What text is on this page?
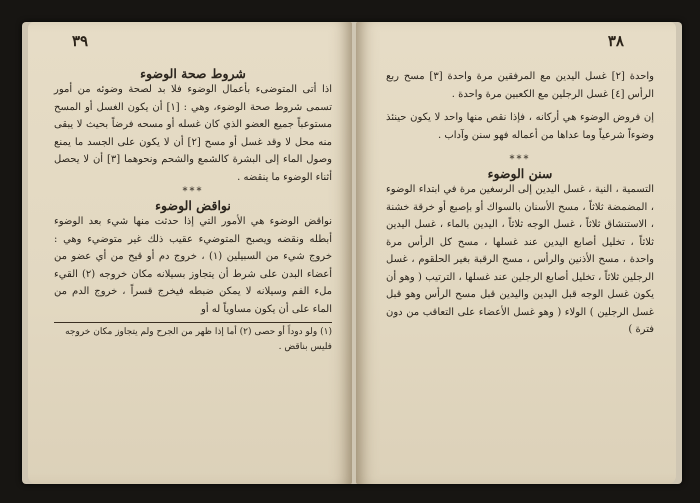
٣٩
شروط صحة الوضوء

اذا أتى المتوضىء بأعمال الوضوء فلا بد لصحة وضوئه من أمور تسمى شروط صحة الوضوء، وهي : [١] أن يكون الغسل أو المسح مستوعباً جميع العضو الذي كان غسله أو مسحه فرضاً بحيث لا يبقى منه محل لا وقد غسل أو مسح [٢] أن لا يكون على الجسد ما يمنع وصول الماء إلى البشرة كالشمع والشحم ونحوهما [٣] أن لا يحصل أثناء الوضوء ما ينقضه .

***
نواقض الوضوء

نواقض الوضوء هي الأمور التي إذا حدثت منها شيء بعد الوضوء أبطله ونقضه ويصبح المتوضيء عقيب ذلك غير متوضيء وهي : خروج شيء من السبيلين (١) ، خروج دم أو قيح من أي عضو من أعضاء البدن على شرط أن يتجاوز بسيلانه مكان خروجه (٢) القيء ملء الفم وسيلانه لا يمكن ضبطه فيخرج قسراً ، خروج الدم من الماء على أن يكون مساوياً له أو

(١) ولو دوداً أو حصى (٢) أما إذا ظهر من الجرح ولم يتجاوز مكان خروجه فليس بناقض .
٣٨

واحدة [٢] غسل اليدين مع المرفقين مرة واحدة [٣] مسح ربع الرأس [٤] غسل الرجلين مع الكعبين مرة واحدة .

إن فروض الوضوء هي أركانه ، فإذا نقص منها واحد لا يكون حينئذ وضوءاً شرعياً وما عداها من أعماله فهو سنن وآداب .

***
سنن الوضوء

التسمية ، النية ، غسل اليدين إلى الرسغين مرة في ابتداء الوضوء ، المضمضة ثلاثاً ، مسح الأسنان بالسواك أو بإصبع أو خرقة خشنة ، الاستنشاق ثلاثاً ، غسل الوجه ثلاثاً ، اليدين بالماء ، غسل اليدين ثلاثاً ، تخليل أصابع اليدين عند غسلها ، مسح كل الرأس مرة واحدة ، مسح الأذنين والرأس ، مسح الرقبة بغير الحلقوم ، غسل الرجلين ثلاثاً ، تخليل أصابع الرجلين عند غسلها ، الترتيب ( وهو أن يكون غسل الوجه قبل اليدين واليدين قبل مسح الرأس وهو قبل غسل الرجلين ) الولاء ( وهو غسل الأعضاء على التعاقب من دون فترة )
